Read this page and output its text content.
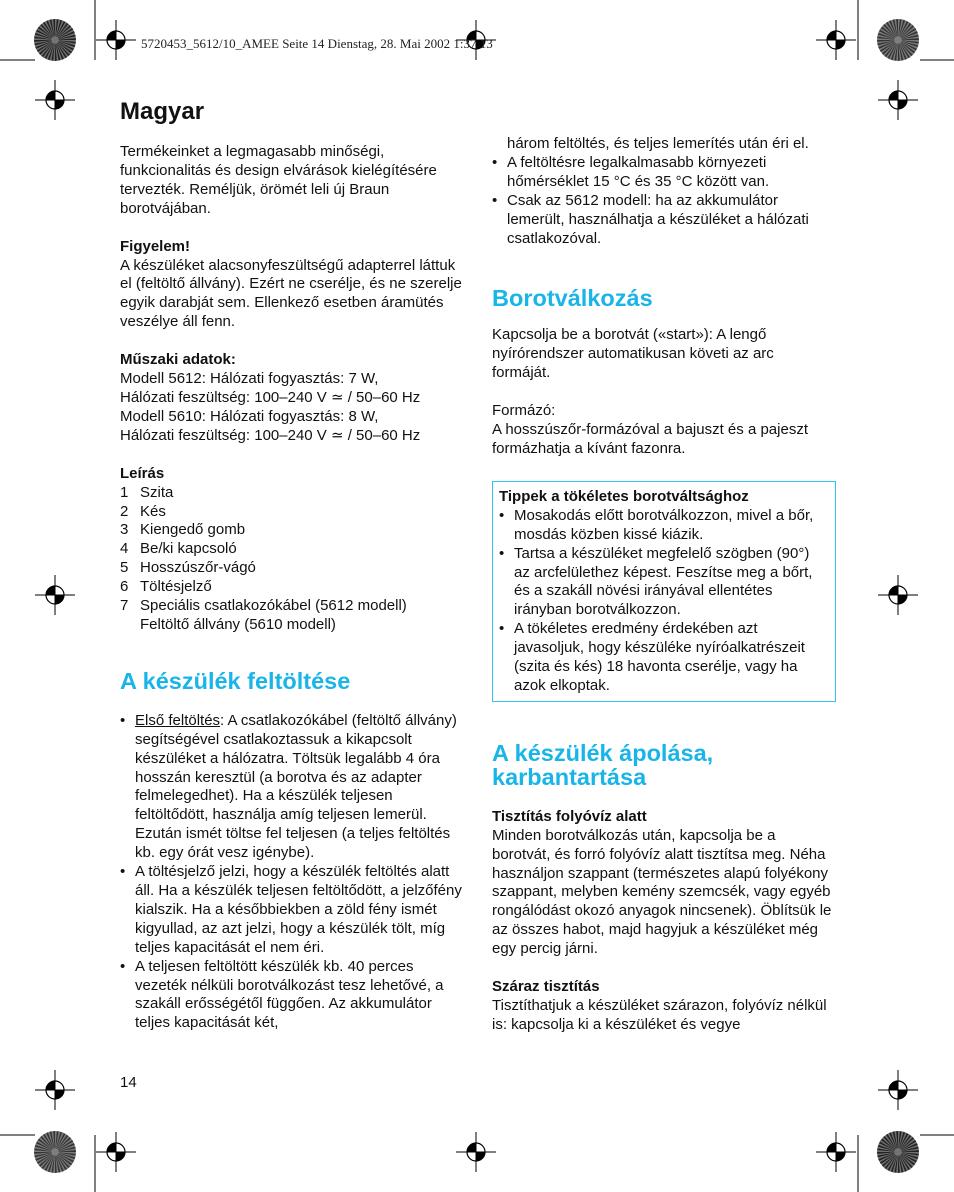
5720453_5612/10_AMEE Seite 14 Dienstag, 28. Mai 2002 1:37 13
Magyar

Termékeinket a legmagasabb minőségi, funkcionalitás és design elvárások kielégítésére tervezték. Reméljük, örömét leli új Braun borotvájában.

Figyelem!

A készüléket alacsonyfeszültségű adapterrel láttuk el (feltöltő állvány). Ezért ne cserélje, és ne szerelje egyik darabját sem. Ellenkező esetben áramütés veszélye áll fenn.

Műszaki adatok:
Modell 5612: Hálózati fogyasztás: 7 W,
Hálózati feszültség: 100–240 V ≃ / 50–60 Hz
Modell 5610: Hálózati fogyasztás: 8 W,
Hálózati feszültség: 100–240 V ≃ / 50–60 Hz
Leírás
1 Szita
2 Kés
3 Kiengedő gomb
4 Be/ki kapcsoló
5 Hosszúszőr-vágó
6 Töltésjelző
7 Speciális csatlakozókábel (5612 modell)
Feltöltő állvány (5610 modell)
A készülék feltöltése
• Első feltöltés: A csatlakozókábel (feltöltő állvány) segítségével csatlakoztassuk a kikapcsolt készüléket a hálózatra. Töltsük legalább 4 óra hosszán keresztül (a borotva és az adapter felmelegedhet). Ha a készülék teljesen feltöltődött, használja amíg teljesen lemerül. Ezután ismét töltse fel teljesen (a teljes feltöltés kb. egy órát vesz igénybe).
• A töltésjelző jelzi, hogy a készülék feltöltés alatt áll. Ha a készülék teljesen feltöltődött, a jelzőfény kialszik. Ha a későbbiekben a zöld fény ismét kigyullad, az azt jelzi, hogy a készülék tölt, míg teljes kapacitását el nem éri.
• A teljesen feltöltött készülék kb. 40 perces vezeték nélküli borotválkozást tesz lehetővé, a szakáll erősségétől függően. Az akkumulátor teljes kapacitását két,
három feltöltés, és teljes lemerítés után éri el.
• A feltöltésre legalkalmasabb környezeti hőmérséklet 15 °C és 35 °C között van.
• Csak az 5612 modell: ha az akkumulátor lemerült, használhatja a készüléket a hálózati csatlakozóval.
Borotválkozás

Kapcsolja be a borotvát («start»): A lengő nyírórendszer automatikusan követi az arc formáját.

Formázó:

A hosszúszőr-formázóval a bajuszt és a pajeszt formázhatja a kívánt fazonra.

Tippek a tökéletes borotváltsághoz
• Mosakodás előtt borotválkozzon, mivel a bőr, mosdás közben kissé kiázik.
• Tartsa a készüléket megfelelő szögben (90°) az arcfelülethez képest. Feszítse meg a bőrt, és a szakáll növési irányával ellentétes irányban borotválkozzon.
• A tökéletes eredmény érdekében azt javasoljuk, hogy készüléke nyíróalkatrészeit (szita és kés) 18 havonta cserélje, vagy ha azok elkoptak.
A készülék ápolása, karbantartása
Tisztítás folyóvíz alatt

Minden borotválkozás után, kapcsolja be a borotvát, és forró folyóvíz alatt tisztítsa meg. Néha használjon szappant (természetes alapú folyékony szappant, melyben kemény szemcsék, vagy egyéb rongálódást okozó anyagok nincsenek). Öblítsük le az összes habot, majd hagyjuk a készüléket még egy percig járni.

Száraz tisztítás

Tisztíthatjuk a készüléket szárazon, folyóvíz nélkül is: kapcsolja ki a készüléket és vegye

14
